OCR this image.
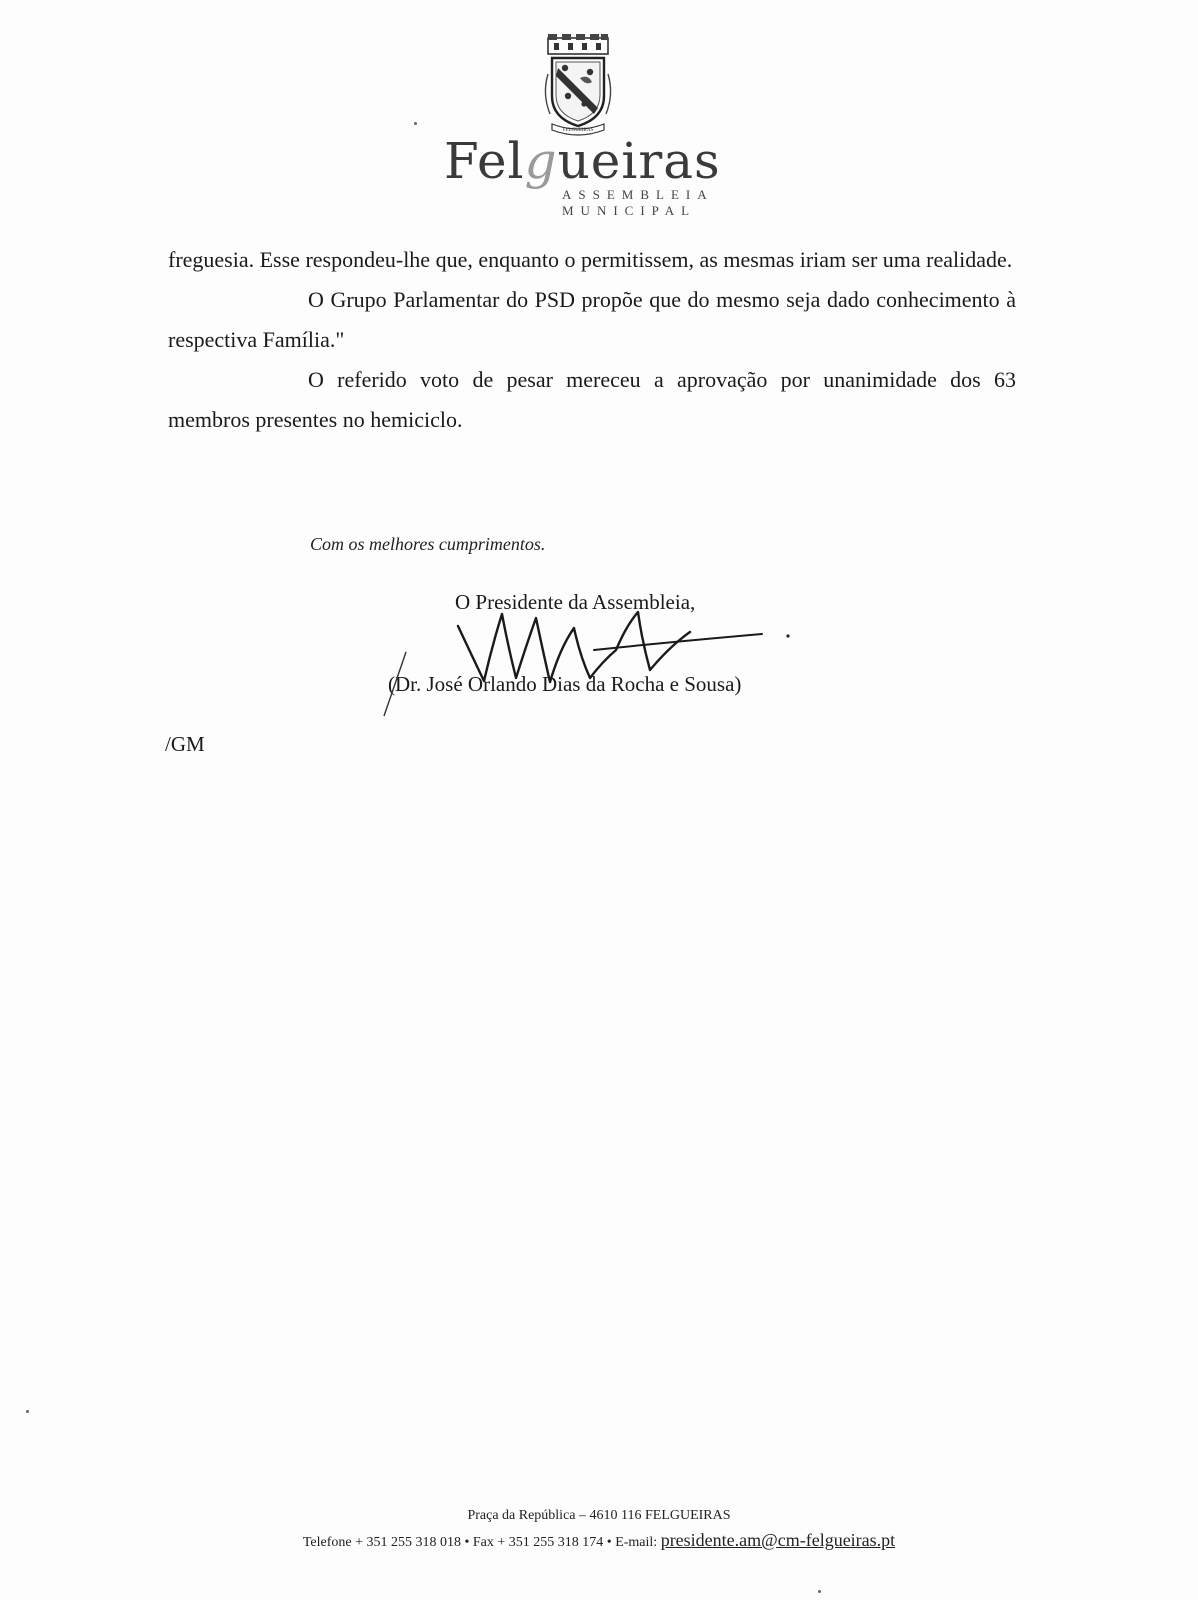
FELGUEIRAS
Felgueiras
ASSEMBLEIA
MUNICIPAL

freguesia. Esse respondeu-lhe que, enquanto o permitissem, as mesmas iriam ser uma realidade.

O Grupo Parlamentar do PSD propõe que do mesmo seja dado conhecimento à respectiva Família."

O referido voto de pesar mereceu a aprovação por unanimidade dos 63 membros presentes no hemiciclo.

Com os melhores cumprimentos.
O Presidente da Assembleia,
(Dr. José Orlando Dias da Rocha e Sousa)
/GM
Praça da República – 4610 116 FELGUEIRAS
Telefone + 351 255 318 018 • Fax + 351 255 318 174 • E-mail: presidente.am@cm-felgueiras.pt
